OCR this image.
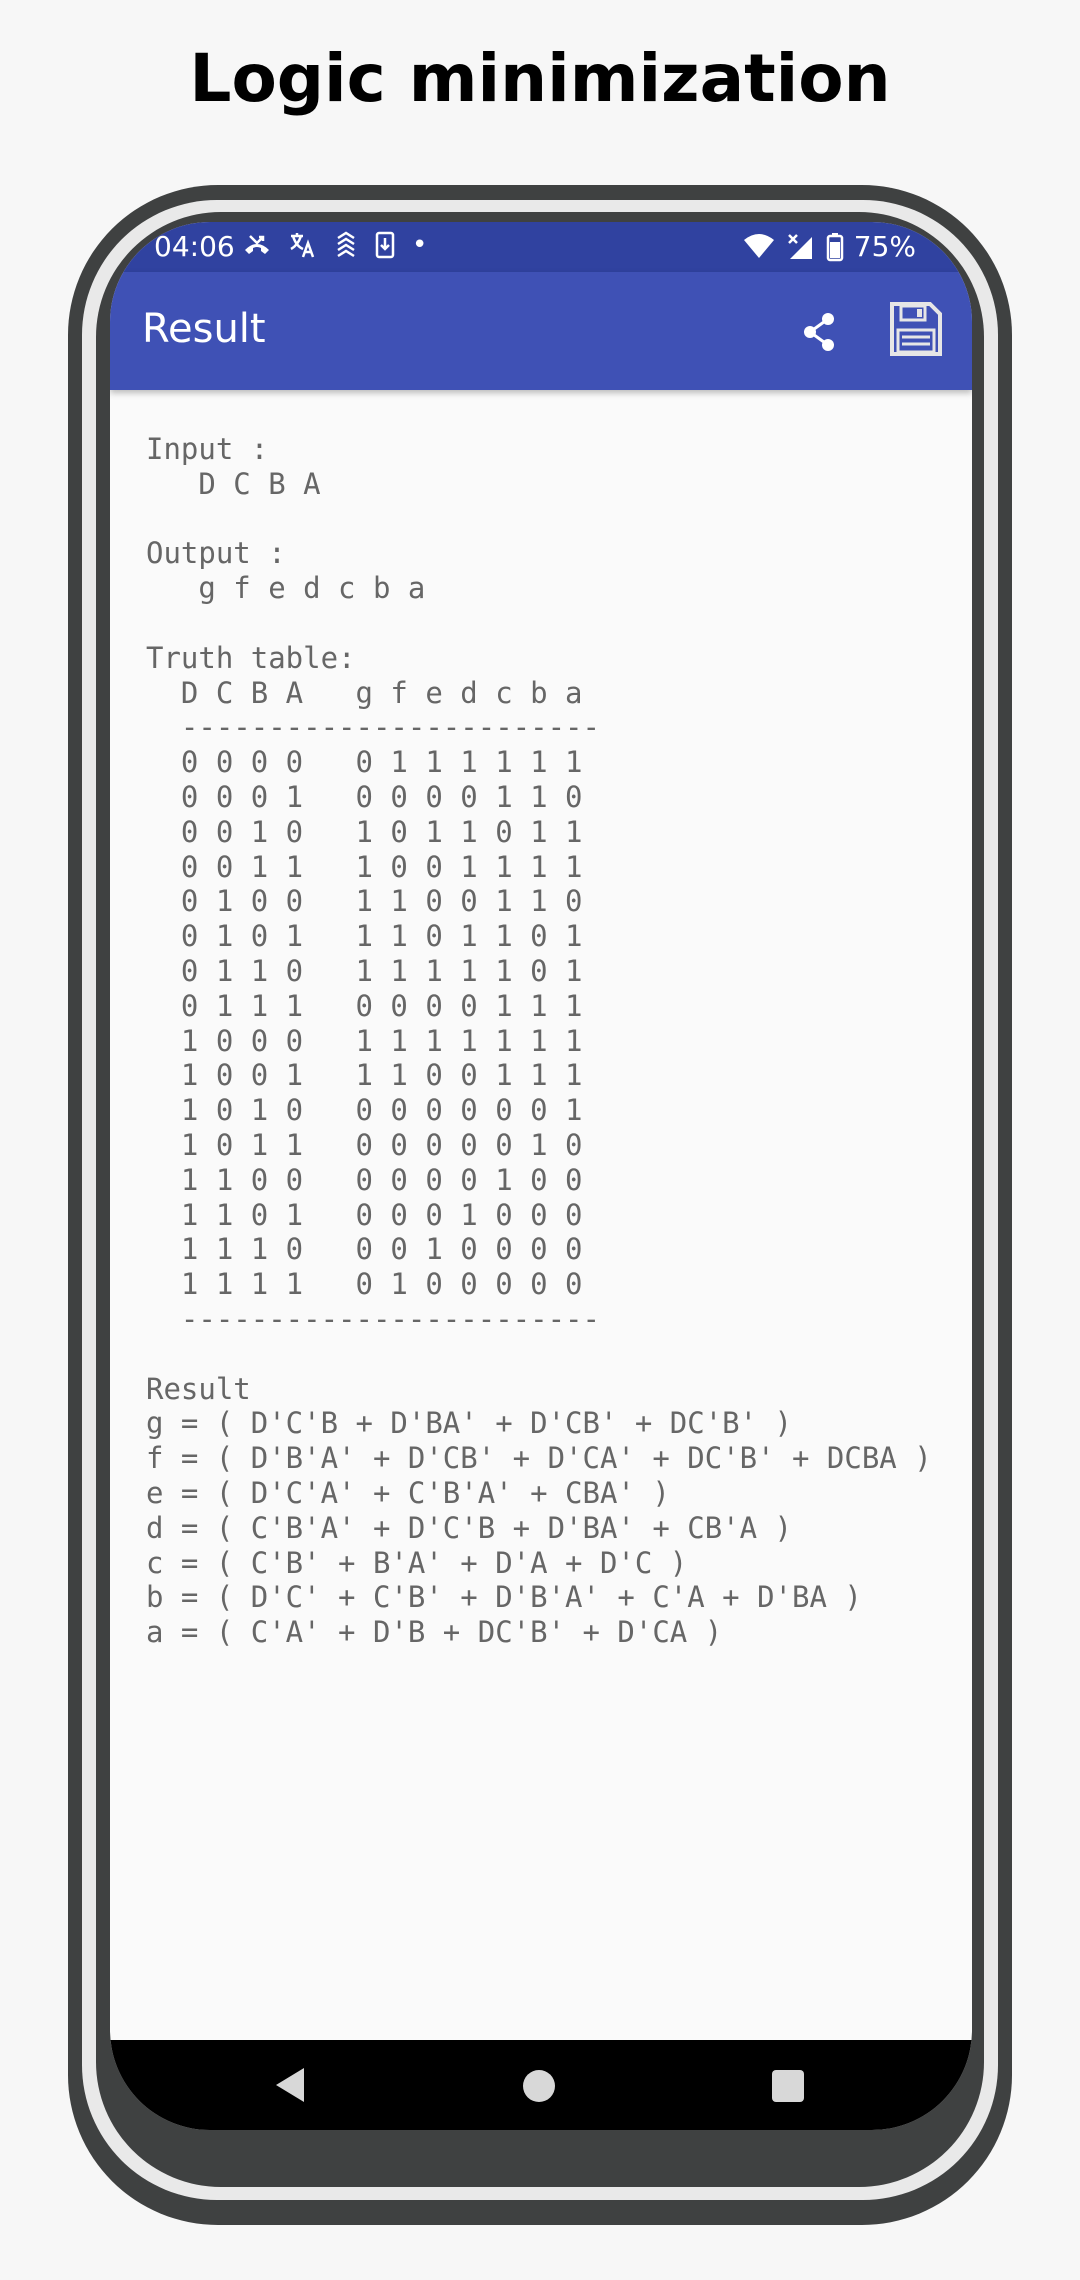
Logic minimization
04:06	•	75%
Result
Input :
D C B A
Output :
g f e d c b a
Truth table:
D C B A   g f e d c b a
------------------------
0 0 0 0   0 1 1 1 1 1 1
0 0 0 1   0 0 0 0 1 1 0
0 0 1 0   1 0 1 1 0 1 1
0 0 1 1   1 0 0 1 1 1 1
0 1 0 0   1 1 0 0 1 1 0
0 1 0 1   1 1 0 1 1 0 1
0 1 1 0   1 1 1 1 1 0 1
0 1 1 1   0 0 0 0 1 1 1
1 0 0 0   1 1 1 1 1 1 1
1 0 0 1   1 1 0 0 1 1 1
1 0 1 0   0 0 0 0 0 0 1
1 0 1 1   0 0 0 0 0 1 0
1 1 0 0   0 0 0 0 1 0 0
1 1 0 1   0 0 0 1 0 0 0
1 1 1 0   0 0 1 0 0 0 0
1 1 1 1   0 1 0 0 0 0 0
------------------------
Result
g = ( D'C'B + D'BA' + D'CB' + DC'B' )
f = ( D'B'A' + D'CB' + D'CA' + DC'B' + DCBA )
e = ( D'C'A' + C'B'A' + CBA' )
d = ( C'B'A' + D'C'B + D'BA' + CB'A )
c = ( C'B' + B'A' + D'A + D'C )
b = ( D'C' + C'B' + D'B'A' + C'A + D'BA )
a = ( C'A' + D'B + DC'B' + D'CA )
